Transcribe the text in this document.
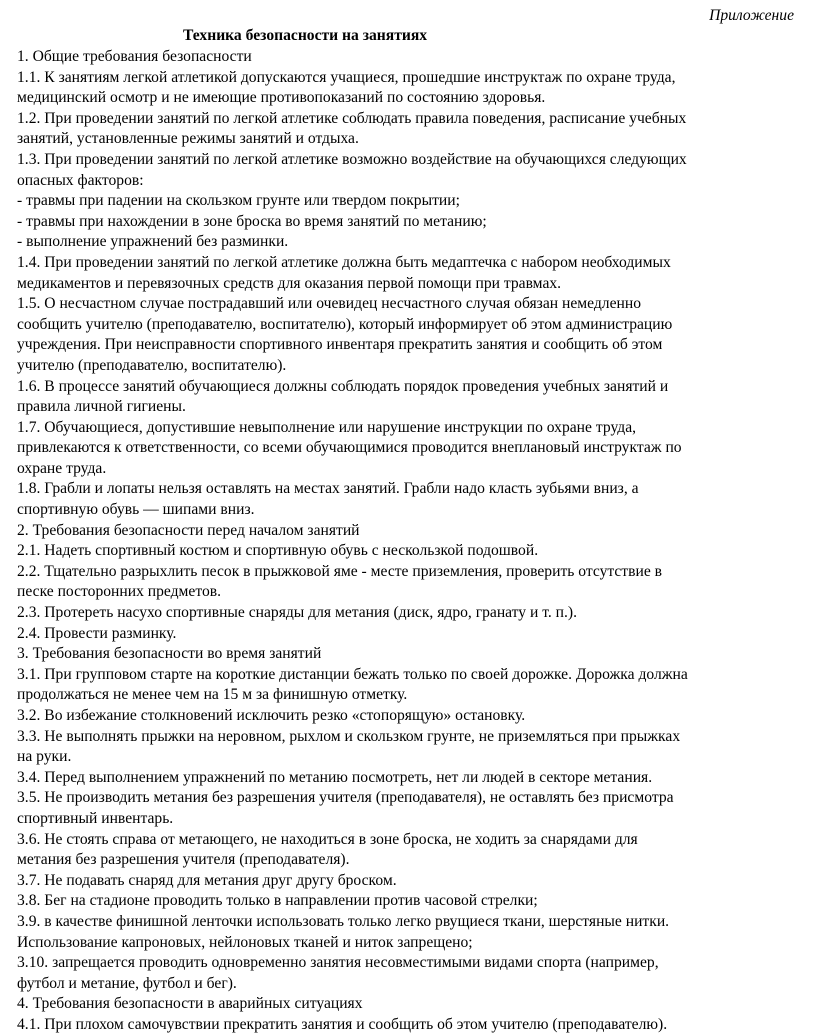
Приложение
Техника безопасности на занятиях
1. Общие требования безопасности
1.1. К занятиям легкой атлетикой допускаются учащиеся, прошедшие инструктаж по охране труда,
медицинский осмотр и не имеющие противопоказаний по состоянию здоровья.
1.2. При проведении занятий по легкой атлетике соблюдать правила поведения, расписание учебных
занятий, установленные режимы занятий и отдыха.
1.3. При проведении занятий по легкой атлетике возможно воздействие на обучающихся следующих
опасных факторов:
- травмы при падении на скользком грунте или твердом покрытии;
- травмы при нахождении в зоне броска во время занятий по метанию;
- выполнение упражнений без разминки.
1.4. При проведении занятий по легкой атлетике должна быть медаптечка с набором необходимых
медикаментов и перевязочных средств для оказания первой помощи при травмах.
1.5. О несчастном случае пострадавший или очевидец несчастного случая обязан немедленно
сообщить учителю (преподавателю, воспитателю), который информирует об этом администрацию
учреждения. При неисправности спортивного инвентаря прекратить занятия и сообщить об этом
учителю (преподавателю, воспитателю).
1.6. В процессе занятий обучающиеся должны соблюдать порядок проведения учебных занятий и
правила личной гигиены.
1.7. Обучающиеся, допустившие невыполнение или нарушение инструкции по охране труда,
привлекаются к ответственности, со всеми обучающимися проводится внеплановый инструктаж по
охране труда.
1.8. Грабли и лопаты нельзя оставлять на местах занятий. Грабли надо класть зубьями вниз, а
спортивную обувь — шипами вниз.
2. Требования безопасности перед началом занятий
2.1. Надеть спортивный костюм и спортивную обувь с нескользкой подошвой.
2.2. Тщательно разрыхлить песок в прыжковой яме - месте приземления, проверить отсутствие в
песке посторонних предметов.
2.3. Протереть насухо спортивные снаряды для метания (диск, ядро, гранату и т. п.).
2.4. Провести разминку.
3. Требования безопасности во время занятий
3.1. При групповом старте на короткие дистанции бежать только по своей дорожке. Дорожка должна
продолжаться не менее чем на 15 м за финишную отметку.
3.2. Во избежание столкновений исключить резко «стопорящую» остановку.
3.3. Не выполнять прыжки на неровном, рыхлом и скользком грунте, не приземляться при прыжках
на руки.
3.4. Перед выполнением упражнений по метанию посмотреть, нет ли людей в секторе метания.
3.5. Не производить метания без разрешения учителя (преподавателя), не оставлять без присмотра
спортивный инвентарь.
3.6. Не стоять справа от метающего, не находиться в зоне броска, не ходить за снарядами для
метания без разрешения учителя (преподавателя).
3.7. Не подавать снаряд для метания друг другу броском.
3.8. Бег на стадионе проводить только в направлении против часовой стрелки;
3.9. в качестве финишной ленточки использовать только легко рвущиеся ткани, шерстяные нитки.
Использование капроновых, нейлоновых тканей и ниток запрещено;
3.10. запрещается проводить одновременно занятия несовместимыми видами спорта (например,
футбол и метание, футбол и бег).
4. Требования безопасности в аварийных ситуациях
4.1. При плохом самочувствии прекратить занятия и сообщить об этом учителю (преподавателю).
